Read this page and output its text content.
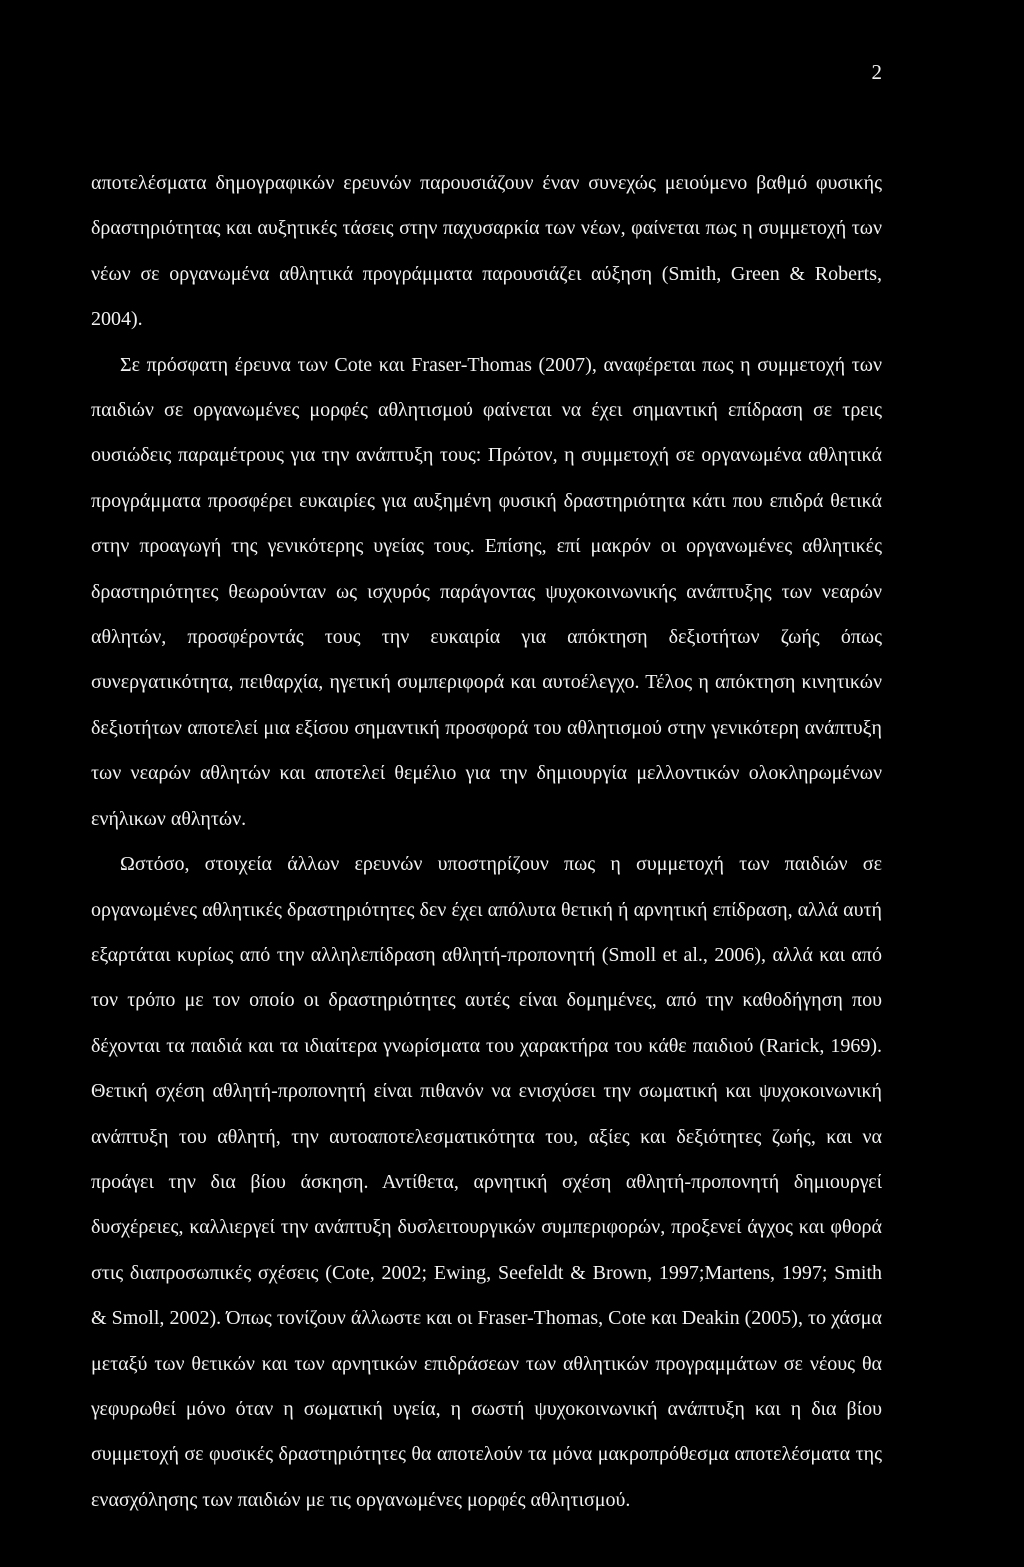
2

αποτελέσματα δημογραφικών ερευνών παρουσιάζουν έναν συνεχώς μειούμενο βαθμό φυσικής δραστηριότητας και αυξητικές τάσεις στην παχυσαρκία των νέων, φαίνεται πως η συμμετοχή των νέων σε οργανωμένα αθλητικά προγράμματα παρουσιάζει αύξηση (Smith, Green & Roberts, 2004).

Σε πρόσφατη έρευνα των Cote και Fraser-Thomas (2007), αναφέρεται πως η συμμετοχή των παιδιών σε οργανωμένες μορφές αθλητισμού φαίνεται να έχει σημαντική επίδραση σε τρεις ουσιώδεις παραμέτρους για την ανάπτυξη τους: Πρώτον, η συμμετοχή σε οργανωμένα αθλητικά προγράμματα προσφέρει ευκαιρίες για αυξημένη φυσική δραστηριότητα κάτι που επιδρά θετικά στην προαγωγή της γενικότερης υγείας τους. Επίσης, επί μακρόν οι οργανωμένες αθλητικές δραστηριότητες θεωρούνταν ως ισχυρός παράγοντας ψυχοκοινωνικής ανάπτυξης των νεαρών αθλητών, προσφέροντάς τους την ευκαιρία για απόκτηση δεξιοτήτων ζωής όπως συνεργατικότητα, πειθαρχία, ηγετική συμπεριφορά και αυτοέλεγχο. Τέλος η απόκτηση κινητικών δεξιοτήτων αποτελεί μια εξίσου σημαντική προσφορά του αθλητισμού στην γενικότερη ανάπτυξη των νεαρών αθλητών και αποτελεί θεμέλιο για την δημιουργία μελλοντικών ολοκληρωμένων ενήλικων αθλητών.

Ωστόσο, στοιχεία άλλων ερευνών υποστηρίζουν πως η συμμετοχή των παιδιών σε οργανωμένες αθλητικές δραστηριότητες δεν έχει απόλυτα θετική ή αρνητική επίδραση, αλλά αυτή εξαρτάται κυρίως από την αλληλεπίδραση αθλητή-προπονητή (Smoll et al., 2006), αλλά και από τον τρόπο με τον οποίο οι δραστηριότητες αυτές είναι δομημένες, από την καθοδήγηση που δέχονται τα παιδιά και τα ιδιαίτερα γνωρίσματα του χαρακτήρα του κάθε παιδιού (Rarick, 1969). Θετική σχέση αθλητή-προπονητή είναι πιθανόν να ενισχύσει την σωματική και ψυχοκοινωνική ανάπτυξη του αθλητή, την αυτοαποτελεσματικότητα του, αξίες και δεξιότητες ζωής, και να προάγει την δια βίου άσκηση. Αντίθετα, αρνητική σχέση αθλητή-προπονητή δημιουργεί δυσχέρειες, καλλιεργεί την ανάπτυξη δυσλειτουργικών συμπεριφορών, προξενεί άγχος και φθορά στις διαπροσωπικές σχέσεις (Cote, 2002; Ewing, Seefeldt & Brown, 1997;Martens, 1997; Smith & Smoll, 2002). Όπως τονίζουν άλλωστε και οι Fraser-Thomas, Cote και Deakin (2005), το χάσμα μεταξύ των θετικών και των αρνητικών επιδράσεων των αθλητικών προγραμμάτων σε νέους θα γεφυρωθεί μόνο όταν η σωματική υγεία, η σωστή ψυχοκοινωνική ανάπτυξη και η δια βίου συμμετοχή σε φυσικές δραστηριότητες θα αποτελούν τα μόνα μακροπρόθεσμα αποτελέσματα της ενασχόλησης των παιδιών με τις οργανωμένες μορφές αθλητισμού.
